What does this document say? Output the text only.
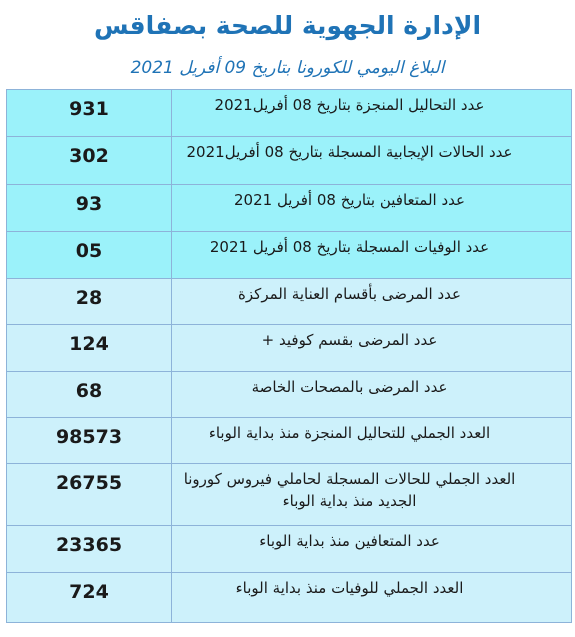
الإدارة الجهوية للصحة بصفاقس
البلاغ اليومي للكورونا بتاريخ 09 أفريل 2021
931	عدد التحاليل المنجزة بتاريخ 08 أفريل2021
302	عدد الحالات الإيجابية المسجلة بتاريخ 08 أفريل2021
93	عدد المتعافين بتاريخ 08 أفريل 2021
05	عدد الوفيات المسجلة بتاريخ 08 أفريل 2021
28	عدد المرضى بأقسام العناية المركزة
124	عدد المرضى بقسم كوفيد +
68	عدد المرضى بالمصحات الخاصة
98573	العدد الجملي للتحاليل المنجزة منذ بداية الوباء
26755	العدد الجملي للحالات المسجلة لحاملي فيروس كورونا الجديد منذ بداية الوباء
23365	عدد المتعافين منذ بداية الوباء
724	العدد الجملي للوفيات منذ بداية الوباء
